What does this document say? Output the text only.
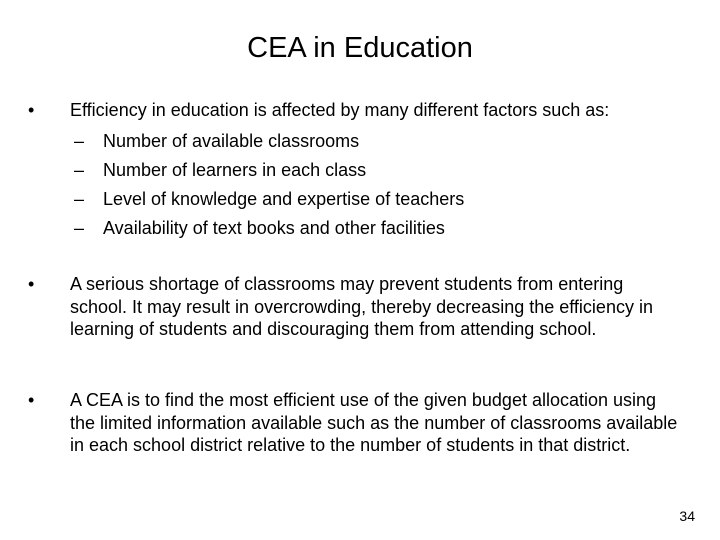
CEA in Education
• Efficiency in education is affected by many different factors such as:
– Number of available classrooms
– Number of learners in each class
– Level of knowledge and expertise of teachers
– Availability of text books and other facilities
• A serious shortage of classrooms may prevent students from entering school. It may result in overcrowding, thereby decreasing the efficiency in learning of students and discouraging them from attending school.
• A CEA is to find the most efficient use of the given budget allocation using the limited information available such as the number of classrooms available in each school district relative to the number of students in that district.
34
